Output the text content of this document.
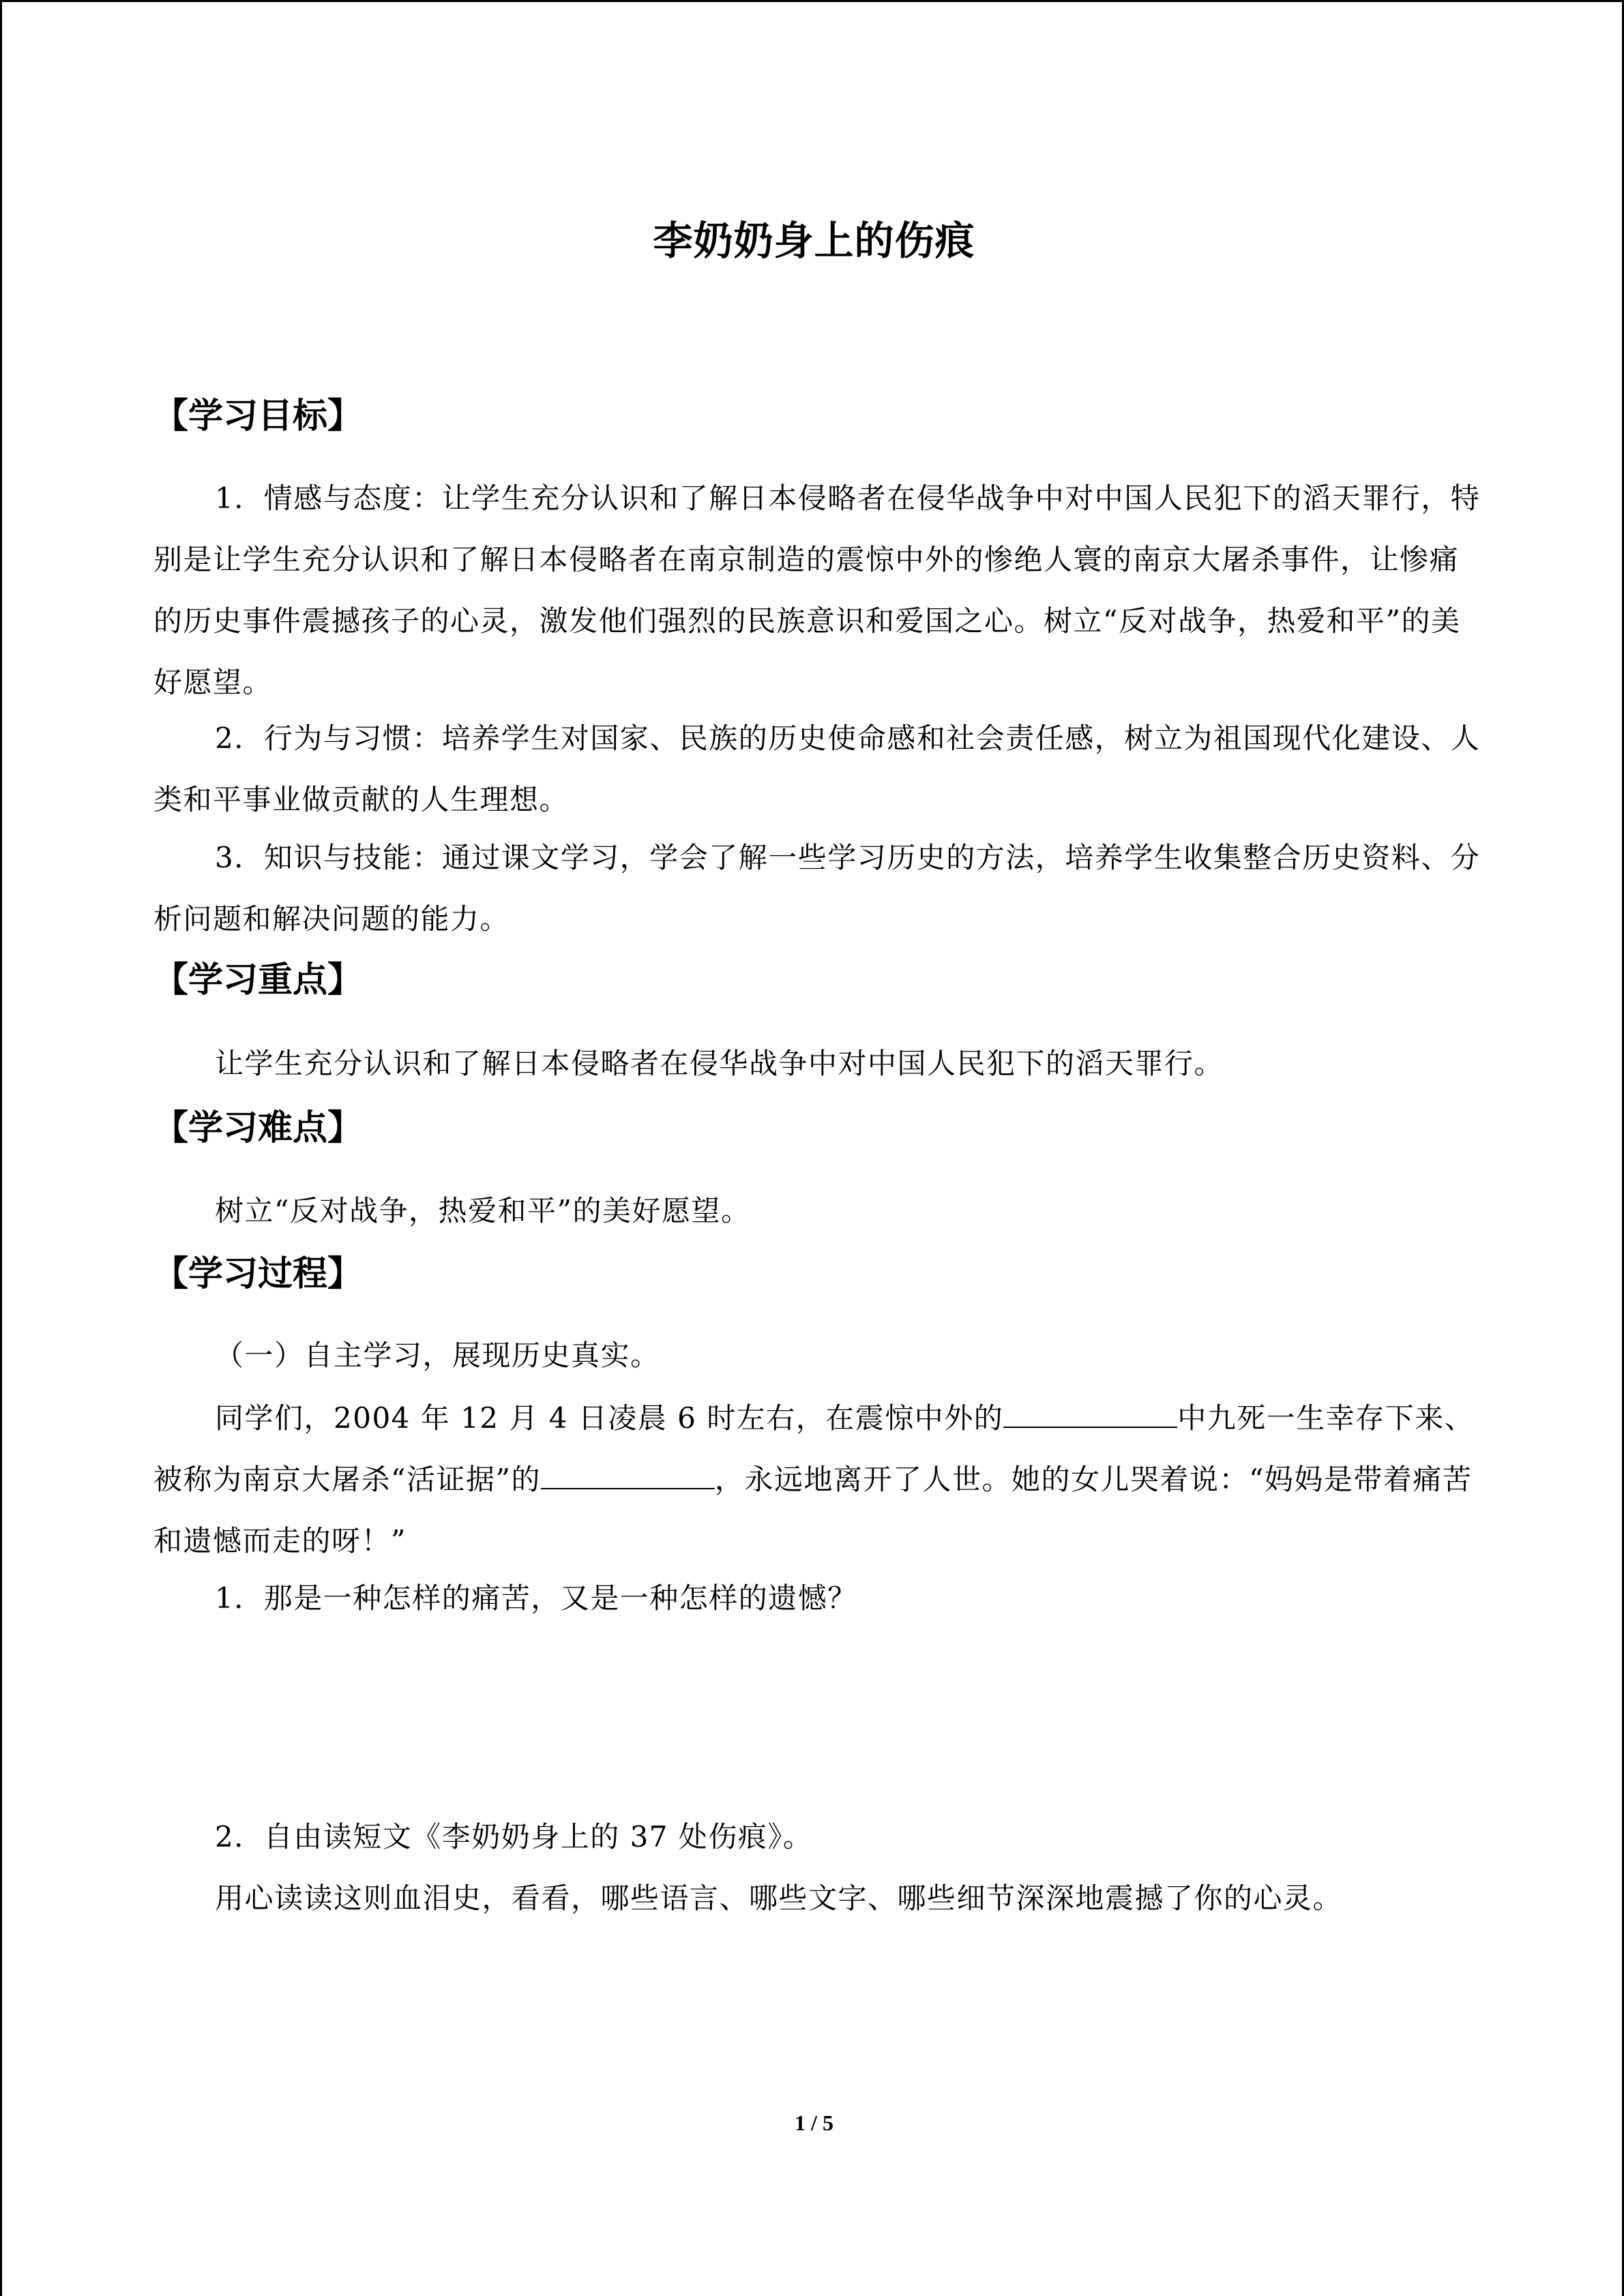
李奶奶身上的伤痕
【学习目标】
1．情感与态度：让学生充分认识和了解日本侵略者在侵华战争中对中国人民犯下的滔天罪行，特别是让学生充分认识和了解日本侵略者在南京制造的震惊中外的惨绝人寰的南京大屠杀事件，让惨痛的历史事件震撼孩子的心灵，激发他们强烈的民族意识和爱国之心。树立“反对战争，热爱和平”的美好愿望。
2．行为与习惯：培养学生对国家、民族的历史使命感和社会责任感，树立为祖国现代化建设、人类和平事业做贡献的人生理想。
3．知识与技能：通过课文学习，学会了解一些学习历史的方法，培养学生收集整合历史资料、分析问题和解决问题的能力。
【学习重点】
让学生充分认识和了解日本侵略者在侵华战争中对中国人民犯下的滔天罪行。
【学习难点】
树立“反对战争，热爱和平”的美好愿望。
【学习过程】
（一）自主学习，展现历史真实。
同学们，2004 年 12 月 4 日凌晨 6 时左右，在震惊中外的	中九死一生幸存下来、被称为南京大屠杀“活证据”的	，永远地离开了人世。她的女儿哭着说：“妈妈是带着痛苦和遗憾而走的呀！”
1．那是一种怎样的痛苦，又是一种怎样的遗憾？
2．自由读短文《李奶奶身上的 37 处伤痕》。
用心读读这则血泪史，看看，哪些语言、哪些文字、哪些细节深深地震撼了你的心灵。
1 / 5
